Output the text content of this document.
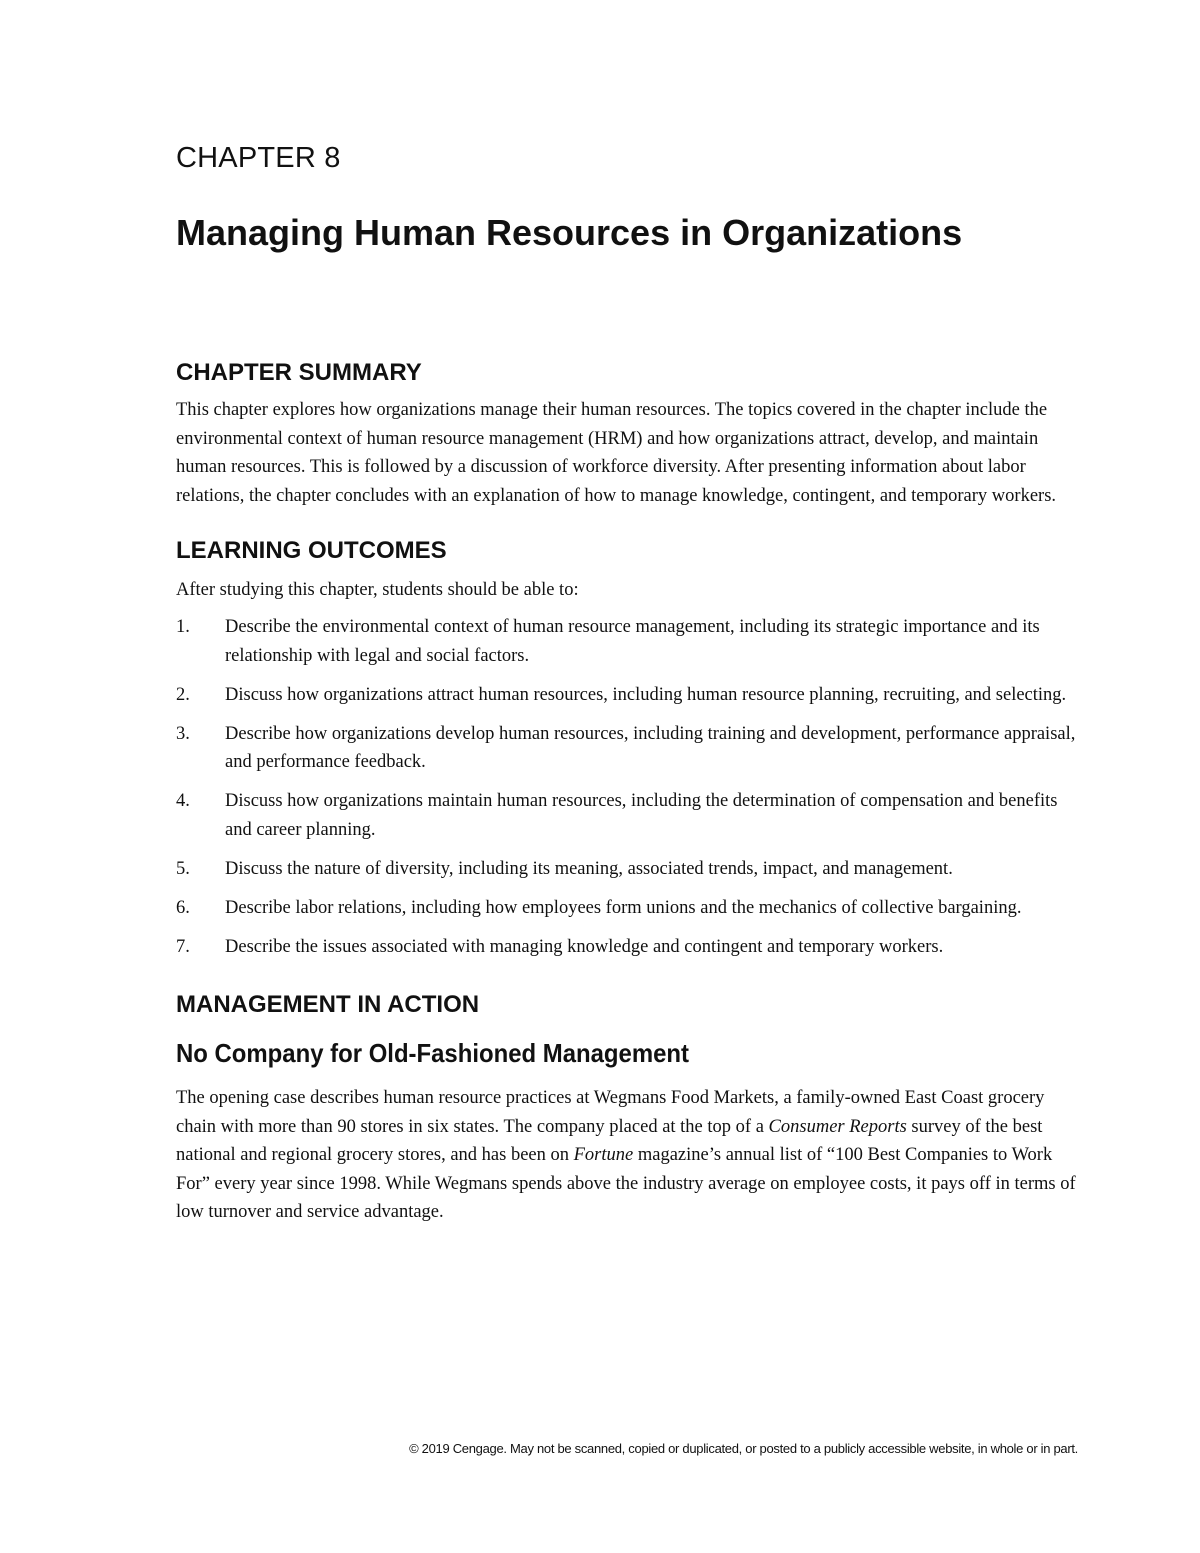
CHAPTER 8
Managing Human Resources in Organizations
CHAPTER SUMMARY

This chapter explores how organizations manage their human resources. The topics covered in the chapter include the environmental context of human resource management (HRM) and how organizations attract, develop, and maintain human resources. This is followed by a discussion of workforce diversity. After presenting information about labor relations, the chapter concludes with an explanation of how to manage knowledge, contingent, and temporary workers.

LEARNING OUTCOMES

After studying this chapter, students should be able to:

1.	Describe the environmental context of human resource management, including its strategic importance and its relationship with legal and social factors.
2.	Discuss how organizations attract human resources, including human resource planning, recruiting, and selecting.
3.	Describe how organizations develop human resources, including training and development, performance appraisal, and performance feedback.
4.	Discuss how organizations maintain human resources, including the determination of compensation and benefits and career planning.
5.	Discuss the nature of diversity, including its meaning, associated trends, impact, and management.
6.	Describe labor relations, including how employees form unions and the mechanics of collective bargaining.
7.	Describe the issues associated with managing knowledge and contingent and temporary workers.
MANAGEMENT IN ACTION
No Company for Old-Fashioned Management

The opening case describes human resource practices at Wegmans Food Markets, a family-owned East Coast grocery chain with more than 90 stores in six states. The company placed at the top of a Consumer Reports survey of the best national and regional grocery stores, and has been on Fortune magazine’s annual list of “100 Best Companies to Work For” every year since 1998. While Wegmans spends above the industry average on employee costs, it pays off in terms of low turnover and service advantage.

© 2019 Cengage. May not be scanned, copied or duplicated, or posted to a publicly accessible website, in whole or in part.
